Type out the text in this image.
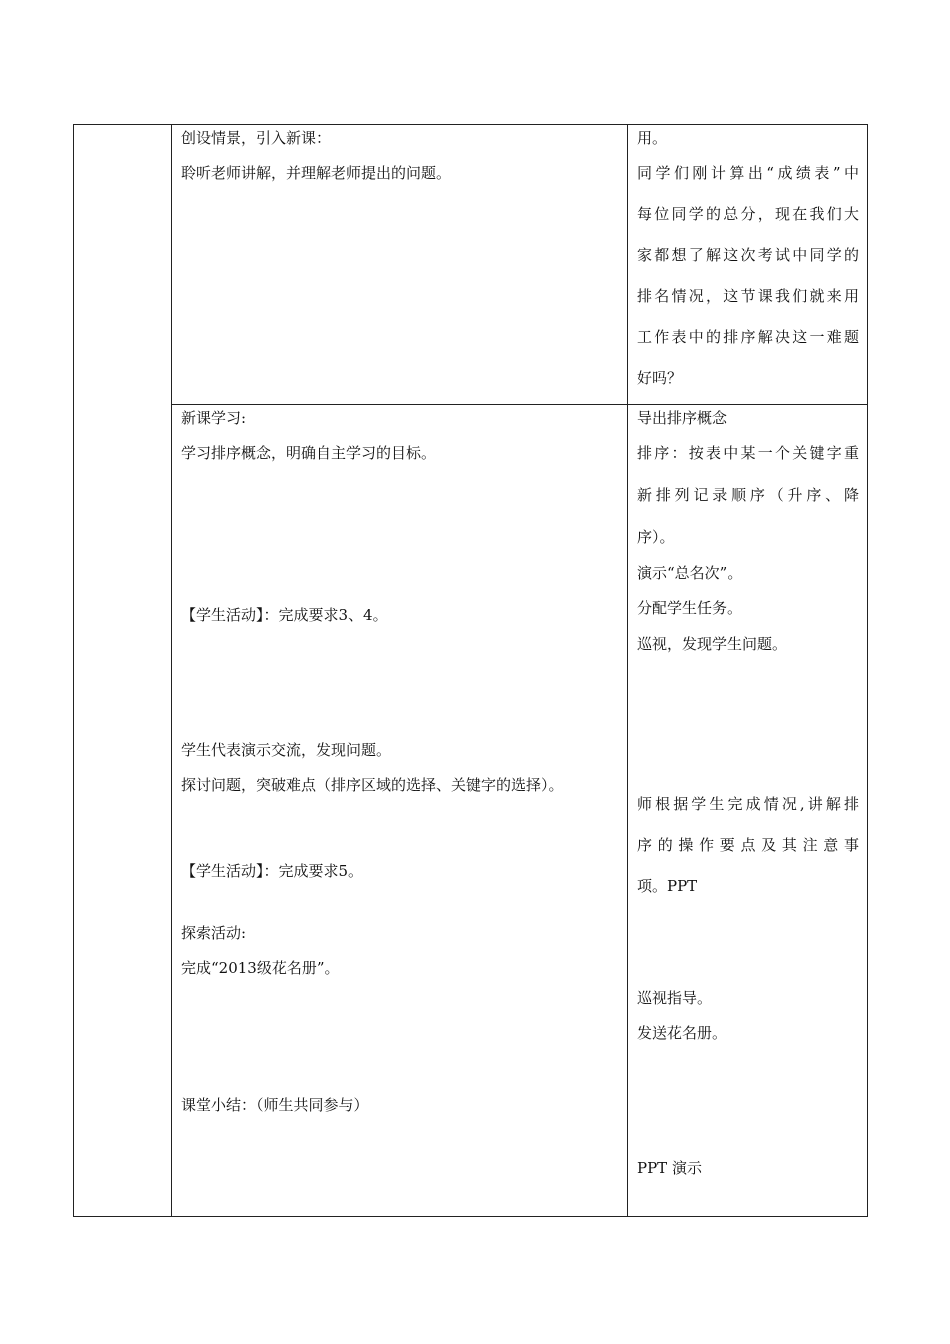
创设情景，引入新课：
聆听老师讲解，并理解老师提出的问题。
用。
同学们刚计算出“成绩表”中
每位同学的总分，现在我们大
家都想了解这次考试中同学的
排名情况，这节课我们就来用
工作表中的排序解决这一难题
好吗？
新课学习:
学习排序概念，明确自主学习的目标。
【学生活动】：完成要求3、4。
学生代表演示交流，发现问题。
探讨问题，突破难点（排序区域的选择、关键字的选择）。
【学生活动】：完成要求5。
探索活动:
完成“2013级花名册”。
课堂小结：（师生共同参与）
导出排序概念
排序：按表中某一个关键字重
新排列记录顺序（升序、降
序）。
演示“总名次”。
分配学生任务。
巡视，发现学生问题。
师根据学生完成情况,讲解排
序的操作要点及其注意事
项。PPT
巡视指导。
发送花名册。
PPT 演示
